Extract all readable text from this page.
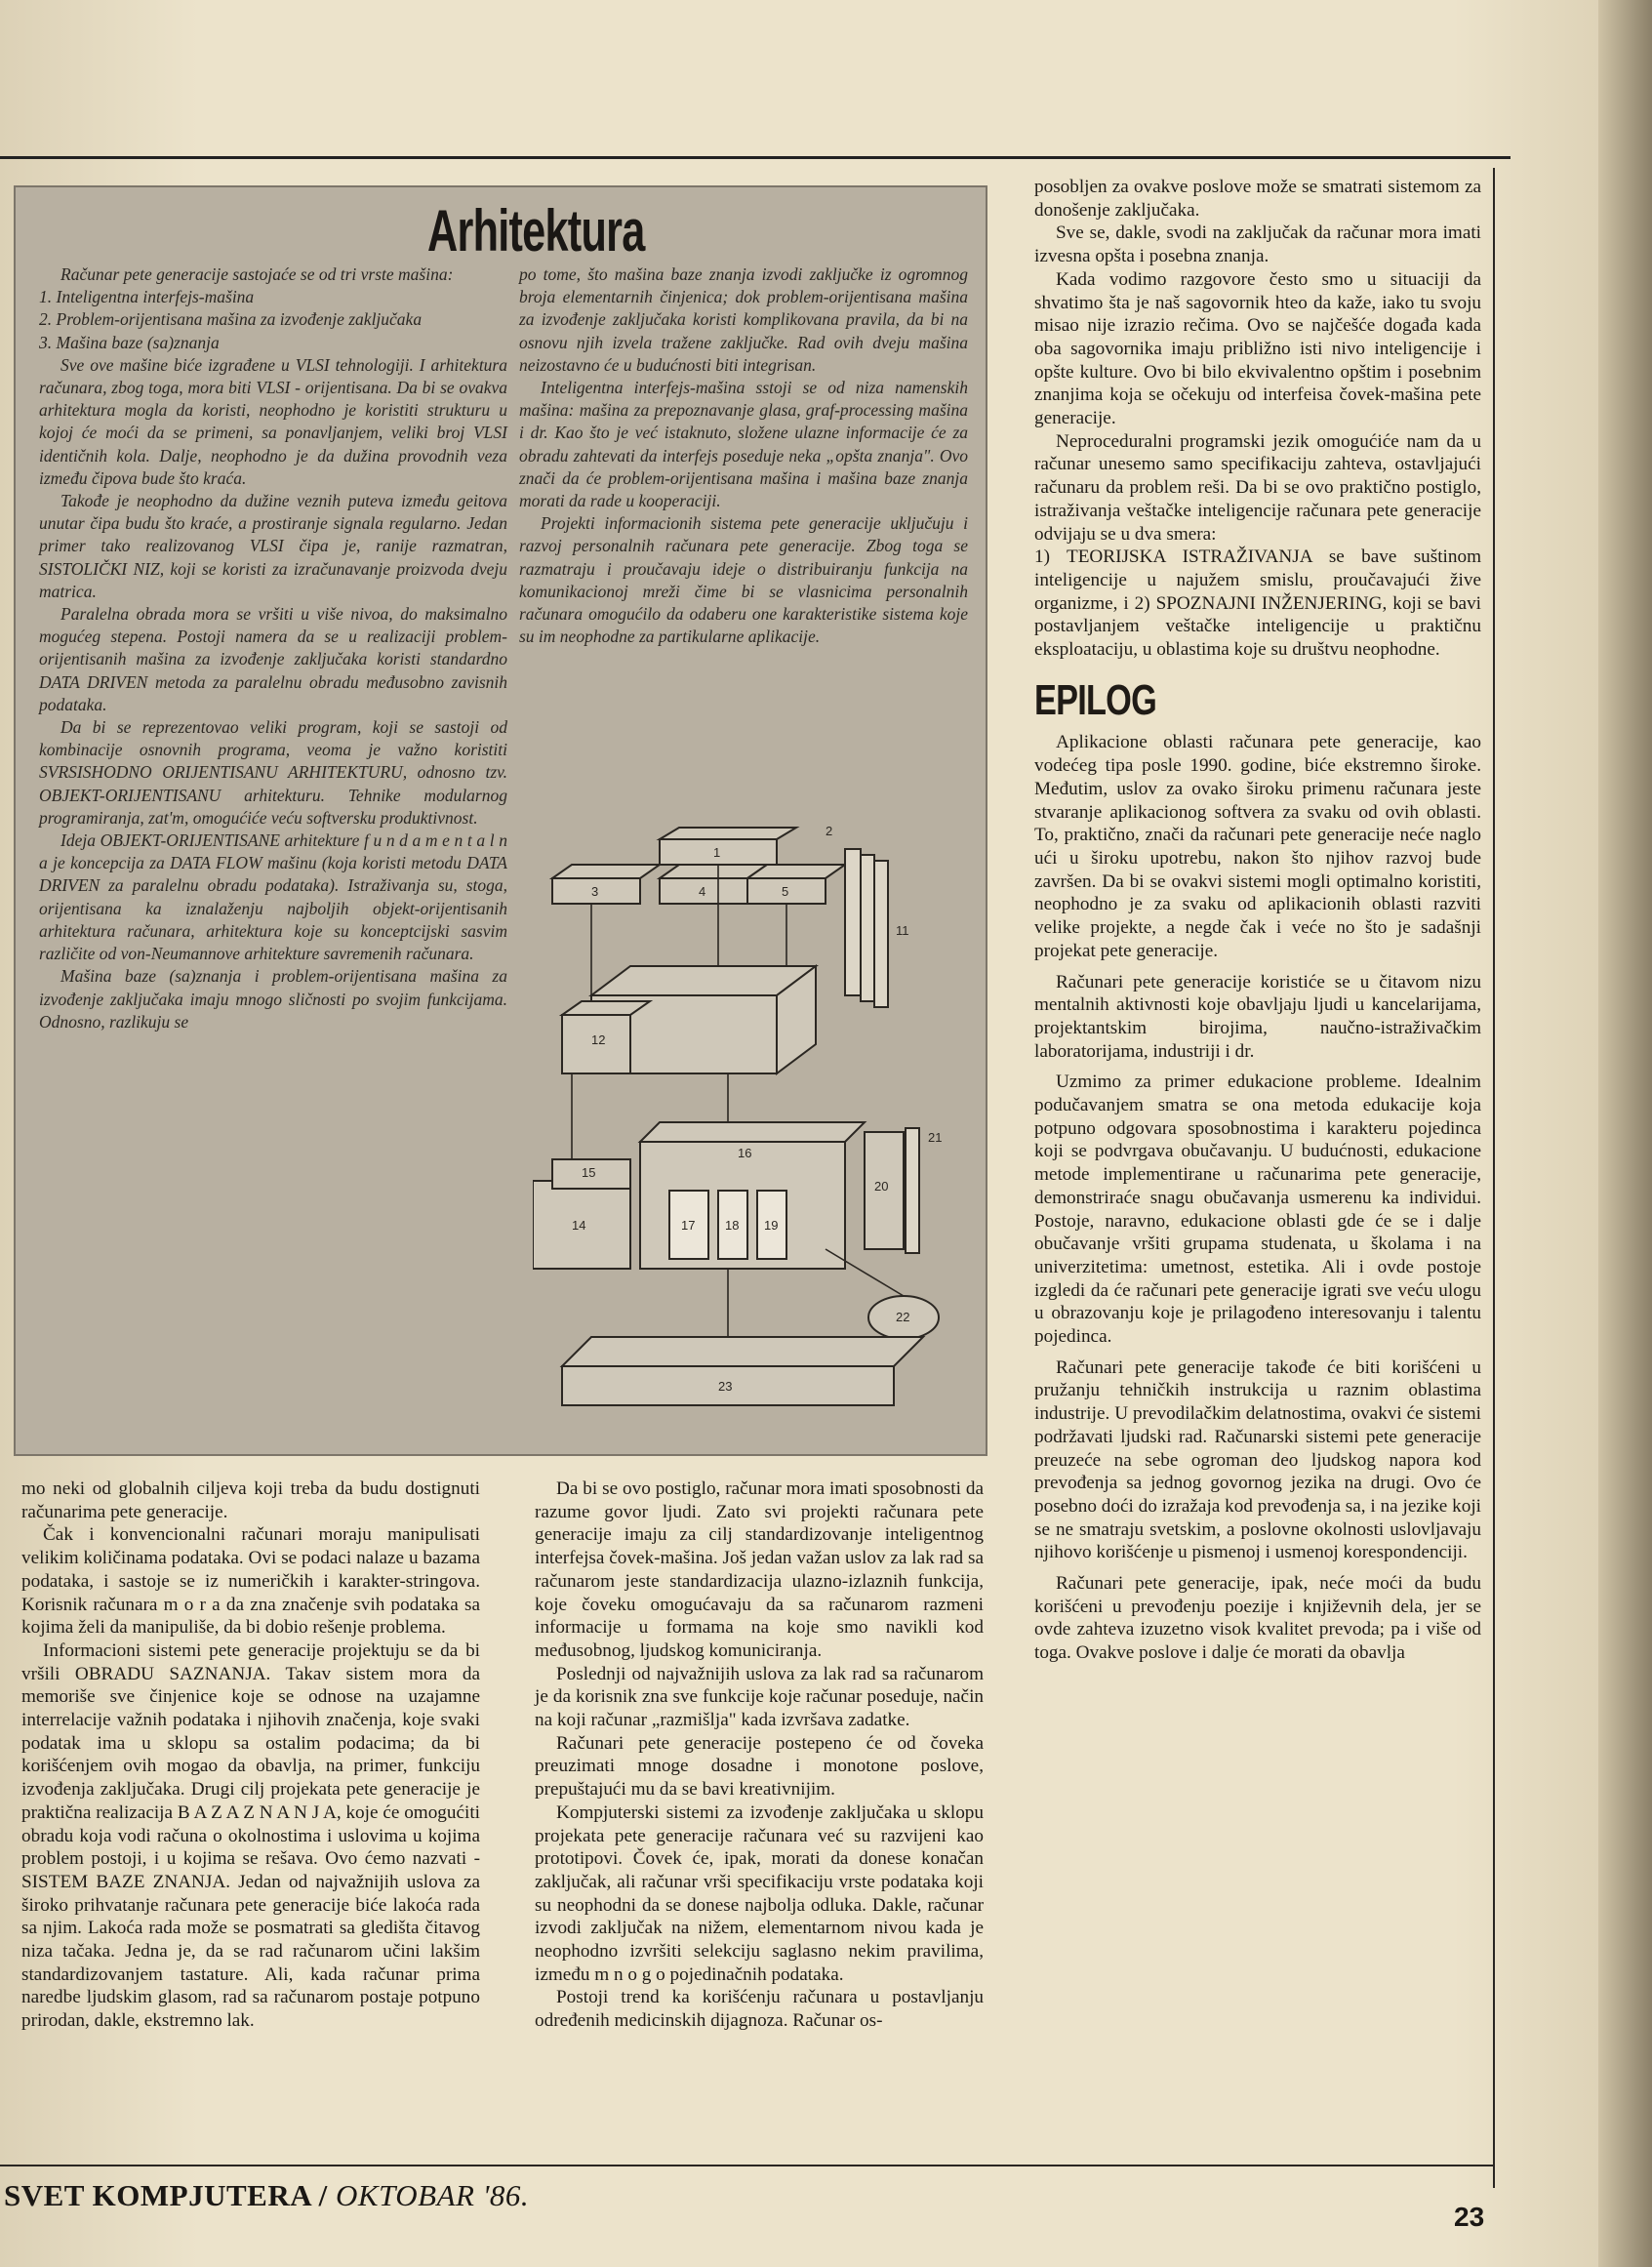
Arhitektura

Računar pete generacije sastojaće se od tri vrste mašina:

1. Inteligentna interfejs-mašina

2. Problem-orijentisana mašina za izvođenje zaključaka

3. Mašina baze (sa)znanja

Sve ove mašine biće izgrađene u VLSI tehnologiji. I arhitektura računara, zbog toga, mora biti VLSI - orijentisana. Da bi se ovakva arhitektura mogla da koristi, neophodno je koristiti strukturu u kojoj će moći da se primeni, sa ponavljanjem, veliki broj VLSI identičnih kola. Dalje, neophodno je da dužina provodnih veza između čipova bude što kraća.

Takođe je neophodno da dužine veznih puteva između geitova unutar čipa budu što kraće, a prostiranje signala regularno. Jedan primer tako realizovanog VLSI čipa je, ranije razmatran, SISTOLIČKI NIZ, koji se koristi za izračunavanje proizvoda dveju matrica.

Paralelna obrada mora se vršiti u više nivoa, do maksimalno mogućeg stepena. Postoji namera da se u realizaciji problem-orijentisanih mašina za izvođenje zaključaka koristi standardno DATA DRIVEN metoda za paralelnu obradu međusobno zavisnih podataka.

Da bi se reprezentovao veliki program, koji se sastoji od kombinacije osnovnih programa, veoma je važno koristiti SVRSISHODNO ORIJENTISANU ARHITEKTURU, odnosno tzv. OBJEKT-ORIJENTISANU arhitekturu. Tehnike modularnog programiranja, zat'm, omogućiće veću softversku produktivnost.

Ideja OBJEKT-ORIJENTISANE arhitekture f u n d a m e n t a l n a je koncepcija za DATA FLOW mašinu (koja koristi metodu DATA DRIVEN za paralelnu obradu podataka). Istraživanja su, stoga, orijentisana ka iznalaženju najboljih objekt-orijentisanih arhitektura računara, arhitektura koje su konceptcijski sasvim različite od von-Neumannove arhitekture savremenih računara.

Mašina baze (sa)znanja i problem-orijentisana mašina za izvođenje zaključaka imaju mnogo sličnosti po svojim funkcijama. Odnosno, razlikuju se

po tome, što mašina baze znanja izvodi zaključke iz ogromnog broja elementarnih činjenica; dok problem-orijentisana mašina za izvođenje zaključaka koristi komplikovana pravila, da bi na osnovu njih izvela tražene zaključke. Rad ovih dveju mašina neizostavno će u budućnosti biti integrisan.

Inteligentna interfejs-mašina sstoji se od niza namenskih mašina: mašina za prepoznavanje glasa, graf-processing mašina i dr. Kao što je već istaknuto, složene ulazne informacije će za obradu zahtevati da interfejs poseduje neka „opšta znanja". Ovo znači da će problem-orijentisana mašina i mašina baze znanja morati da rade u kooperaciji.

Projekti informacionih sistema pete generacije uključuju i razvoj personalnih računara pete generacije. Zbog toga se razmatraju i proučavaju ideje o distribuiranju funkcija na komunikacionoj mreži čime bi se vlasnicima personalnih računara omogućilo da odaberu one karakteristike sistema koje su im neophodne za partikularne aplikacije.

1
2
3	4	5
11
12
14
15
16
17 18 19
20
21
22
23

mo neki od globalnih ciljeva koji treba da budu dostignuti računarima pete generacije.

Čak i konvencionalni računari moraju manipulisati velikim količinama podataka. Ovi se podaci nalaze u bazama podataka, i sastoje se iz numeričkih i karakter-stringova. Korisnik računara m o r a da zna značenje svih podataka sa kojima želi da manipuliše, da bi dobio rešenje problema.

Informacioni sistemi pete generacije projektuju se da bi vršili OBRADU SAZNANJA. Takav sistem mora da memoriše sve činjenice koje se odnose na uzajamne interrelacije važnih podataka i njihovih značenja, koje svaki podatak ima u sklopu sa ostalim podacima; da bi korišćenjem ovih mogao da obavlja, na primer, funkciju izvođenja zaključaka. Drugi cilj projekata pete generacije je praktična realizacija B A Z A Z N A N J A, koje će omogućiti obradu koja vodi računa o okolnostima i uslovima u kojima problem postoji, i u kojima se rešava. Ovo ćemo nazvati - SISTEM BAZE ZNANJA. Jedan od najvažnijih uslova za široko prihvatanje računara pete generacije biće lakoća rada sa njim. Lakoća rada može se posmatrati sa gledišta čitavog niza tačaka. Jedna je, da se rad računarom učini lakšim standardizovanjem tastature. Ali, kada računar prima naredbe ljudskim glasom, rad sa računarom postaje potpuno prirodan, dakle, ekstremno lak.

Da bi se ovo postiglo, računar mora imati sposobnosti da razume govor ljudi. Zato svi projekti računara pete generacije imaju za cilj standardizovanje inteligentnog interfejsa čovek-mašina. Još jedan važan uslov za lak rad sa računarom jeste standardizacija ulazno-izlaznih funkcija, koje čoveku omogućavaju da sa računarom razmeni informacije u formama na koje smo navikli kod međusobnog, ljudskog komuniciranja.

Poslednji od najvažnijih uslova za lak rad sa računarom je da korisnik zna sve funkcije koje računar poseduje, način na koji računar „razmišlja" kada izvršava zadatke.

Računari pete generacije postepeno će od čoveka preuzimati mnoge dosadne i monotone poslove, prepuštajući mu da se bavi kreativnijim.

Kompjuterski sistemi za izvođenje zaključaka u sklopu projekata pete generacije računara već su razvijeni kao prototipovi. Čovek će, ipak, morati da donese konačan zaključak, ali računar vrši specifikaciju vrste podataka koji su neophodni da se donese najbolja odluka. Dakle, računar izvodi zaključak na nižem, elementarnom nivou kada je neophodno izvršiti selekciju saglasno nekim pravilima, između m n o g o pojedinačnih podataka.

Postoji trend ka korišćenju računara u postavljanju određenih medicinskih dijagnoza. Računar os-

posobljen za ovakve poslove može se smatrati sistemom za donošenje zaključaka.

Sve se, dakle, svodi na zaključak da računar mora imati izvesna opšta i posebna znanja.

Kada vodimo razgovore često smo u situaciji da shvatimo šta je naš sagovornik hteo da kaže, iako tu svoju misao nije izrazio rečima. Ovo se najčešće događa kada oba sagovornika imaju približno isti nivo inteligencije i opšte kulture. Ovo bi bilo ekvivalentno opštim i posebnim znanjima koja se očekuju od interfeisa čovek-mašina pete generacije.

Neproceduralni programski jezik omogućiće nam da u računar unesemo samo specifikaciju zahteva, ostavljajući računaru da problem reši. Da bi se ovo praktično postiglo, istraživanja veštačke inteligencije računara pete generacije odvijaju se u dva smera:

1) TEORIJSKA ISTRAŽIVANJA se bave suštinom inteligencije u najužem smislu, proučavajući žive organizme, i 2) SPOZNAJNI INŽENJERING, koji se bavi postavljanjem veštačke inteligencije u praktičnu eksploataciju, u oblastima koje su društvu neophodne.

EPILOG

Aplikacione oblasti računara pete generacije, kao vodećeg tipa posle 1990. godine, biće ekstremno široke. Međutim, uslov za ovako široku primenu računara jeste stvaranje aplikacionog softvera za svaku od ovih oblasti. To, praktično, znači da računari pete generacije neće naglo ući u široku upotrebu, nakon što njihov razvoj bude završen. Da bi se ovakvi sistemi mogli optimalno koristiti, neophodno je za svaku od aplikacionih oblasti razviti velike projekte, a negde čak i veće no što je sadašnji projekat pete generacije.

Računari pete generacije koristiće se u čitavom nizu mentalnih aktivnosti koje obavljaju ljudi u kancelarijama, projektantskim birojima, naučno-istraživačkim laboratorijama, industriji i dr.

Uzmimo za primer edukacione probleme. Idealnim podučavanjem smatra se ona metoda edukacije koja potpuno odgovara sposobnostima i karakteru pojedinca koji se podvrgava obučavanju. U budućnosti, edukacione metode implementirane u računarima pete generacije, demonstriraće snagu obučavanja usmerenu ka individui. Postoje, naravno, edukacione oblasti gde će se i dalje obučavanje vršiti grupama studenata, u školama i na univerzitetima: umetnost, estetika. Ali i ovde postoje izgledi da će računari pete generacije igrati sve veću ulogu u obrazovanju koje je prilagođeno interesovanju i talentu pojedinca.

Računari pete generacije takođe će biti korišćeni u pružanju tehničkih instrukcija u raznim oblastima industrije. U prevodilačkim delatnostima, ovakvi će sistemi podržavati ljudski rad. Računarski sistemi pete generacije preuzeće na sebe ogroman deo ljudskog napora kod prevođenja sa jednog govornog jezika na drugi. Ovo će posebno doći do izražaja kod prevođenja sa, i na jezike koji se ne smatraju svetskim, a poslovne okolnosti uslovljavaju njihovo korišćenje u pismenoj i usmenoj korespondenciji.

Računari pete generacije, ipak, neće moći da budu korišćeni u prevođenju poezije i književnih dela, jer se ovde zahteva izuzetno visok kvalitet prevoda; pa i više od toga. Ovakve poslove i dalje će morati da obavlja

SVET KOMPJUTERA / OKTOBAR '86.
23
